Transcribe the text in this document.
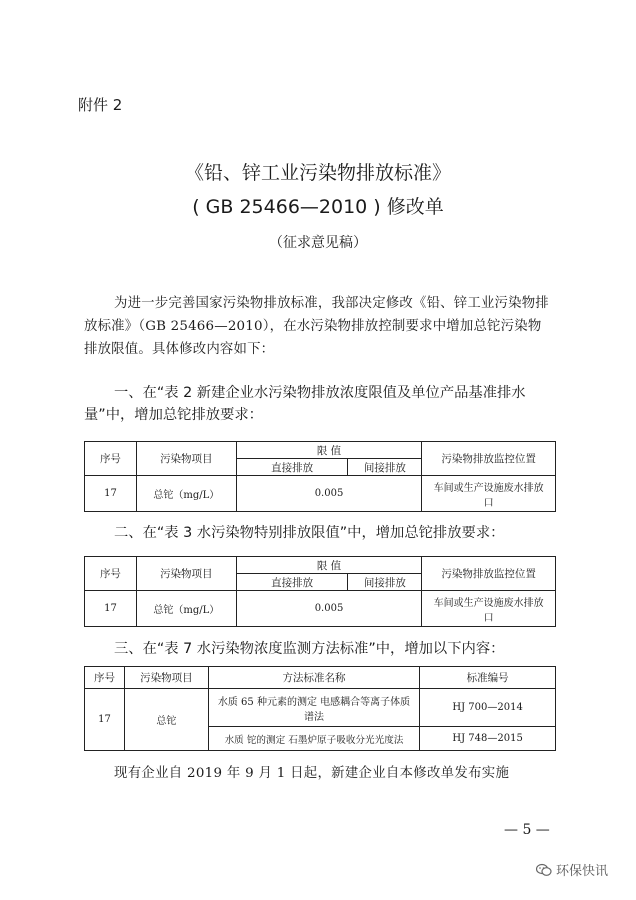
附件 2
《铅、锌工业污染物排放标准》
( GB 25466—2010 ) 修改单
（征求意见稿）
为进一步完善国家污染物排放标准，我部决定修改《铅、锌工业污染物排放标准》（GB 25466—2010），在水污染物排放控制要求中增加总铊污染物排放限值。具体修改内容如下：
一、在“表 2 新建企业水污染物排放浓度限值及单位产品基准排水量”中，增加总铊排放要求：
序号	污染物项目	限 值		污染物排放监控位置
		直接排放	间接排放	
17	总铊（mg/L）	0.005		车间或生产设施废水排放口
二、在“表 3 水污染物特别排放限值”中，增加总铊排放要求：
序号	污染物项目	限 值		污染物排放监控位置
		直接排放	间接排放	
17	总铊（mg/L）	0.005		车间或生产设施废水排放口
三、在“表 7 水污染物浓度监测方法标准”中，增加以下内容：
序号	污染物项目	方法标准名称	标准编号
17	总铊	水质 65 种元素的测定 电感耦合等离子体质谱法	HJ 700—2014
		水质 铊的测定 石墨炉原子吸收分光光度法	HJ 748—2015
现有企业自 2019 年 9 月 1 日起，新建企业自本修改单发布实施
— 5 —
环保快讯
